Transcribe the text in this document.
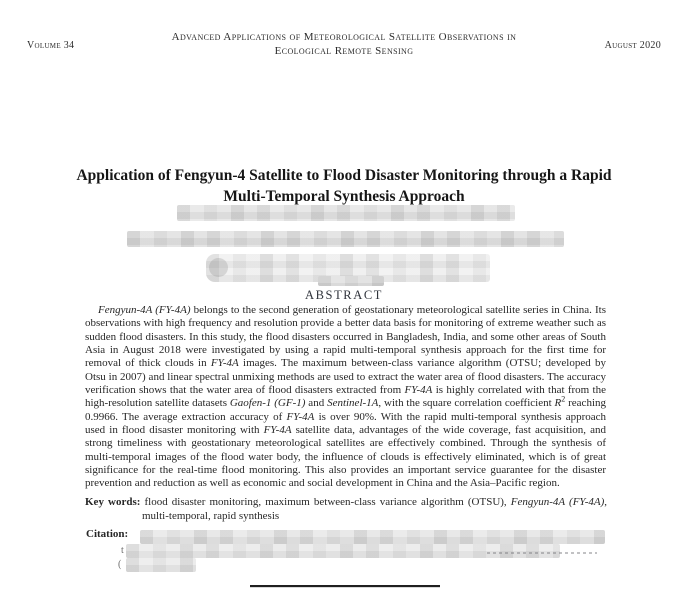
Volume 34
Advanced Applications of Meteorological Satellite Observations in
Ecological Remote Sensing	August 2020
Application of Fengyun-4 Satellite to Flood Disaster Monitoring through a Rapid
Multi-Temporal Synthesis Approach
ABSTRACT

Fengyun-4A (FY-4A) belongs to the second generation of geostationary meteorological satellite series in China. Its observations with high frequency and resolution provide a better data basis for monitoring of extreme weather such as sudden flood disasters. In this study, the flood disasters occurred in Bangladesh, India, and some other areas of South Asia in August 2018 were investigated by using a rapid multi-temporal synthesis approach for the first time for removal of thick clouds in FY-4A images. The maximum between-class variance algorithm (OTSU; developed by Otsu in 2007) and linear spectral unmixing methods are used to extract the water area of flood disasters. The accuracy verification shows that the water area of flood disasters extracted from FY-4A is highly correlated with that from the high-resolution satellite datasets Gaofen-1 (GF-1) and Sentinel-1A, with the square correlation coefficient $R^2$ reaching 0.9966. The average extraction accuracy of FY-4A is over 90%. With the rapid multi-temporal synthesis approach used in flood disaster monitoring with FY-4A satellite data, advantages of the wide coverage, fast acquisition, and strong timeliness with geostationary meteorological satellites are effectively combined. Through the synthesis of multi-temporal images of the flood water body, the influence of clouds is effectively eliminated, which is of great significance for the real-time flood monitoring. This also provides an important service guarantee for the disaster prevention and reduction as well as economic and social development in China and the Asia–Pacific region.

Key words: flood disaster monitoring, maximum between-class variance algorithm (OTSU), Fengyun-4A (FY-4A), multi-temporal, rapid synthesis
Citation:
t
(
